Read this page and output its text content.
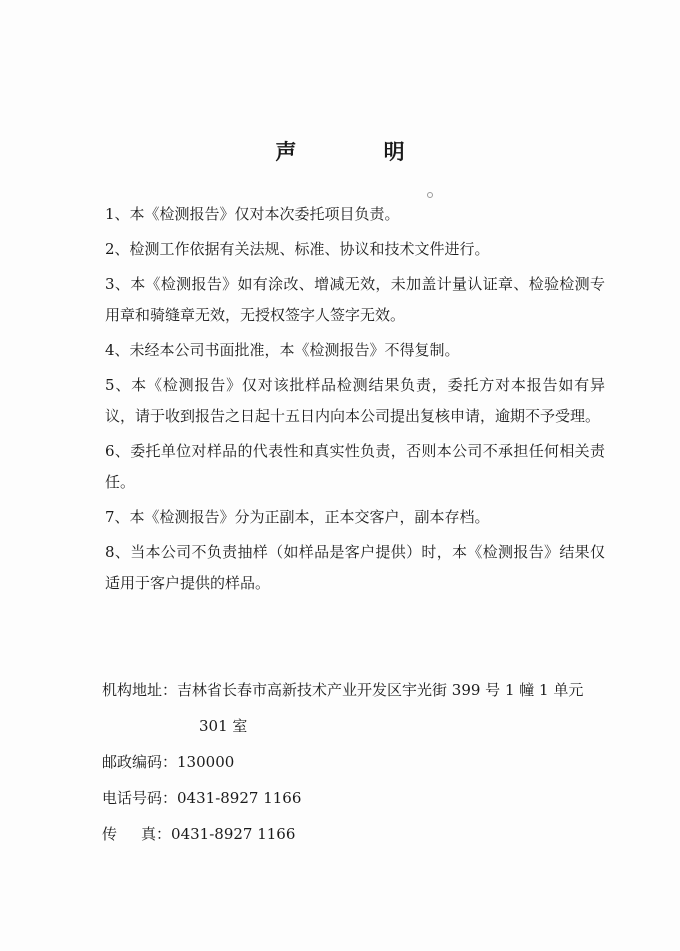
声 明

1、本《检测报告》仅对本次委托项目负责。

2、检测工作依据有关法规、标准、协议和技术文件进行。

3、本《检测报告》如有涂改、增减无效，未加盖计量认证章、检验检测专用章和骑缝章无效，无授权签字人签字无效。

4、未经本公司书面批准，本《检测报告》不得复制。

5、本《检测报告》仅对该批样品检测结果负责，委托方对本报告如有异议，请于收到报告之日起十五日内向本公司提出复核申请，逾期不予受理。

6、委托单位对样品的代表性和真实性负责，否则本公司不承担任何相关责任。

7、本《检测报告》分为正副本，正本交客户，副本存档。

8、当本公司不负责抽样（如样品是客户提供）时，本《检测报告》结果仅适用于客户提供的样品。

机构地址：吉林省长春市高新技术产业开发区宇光街 399 号 1 幢 1 单元
301 室
邮政编码：130000
电话号码：0431-8927 1166
传真：0431-8927 1166
